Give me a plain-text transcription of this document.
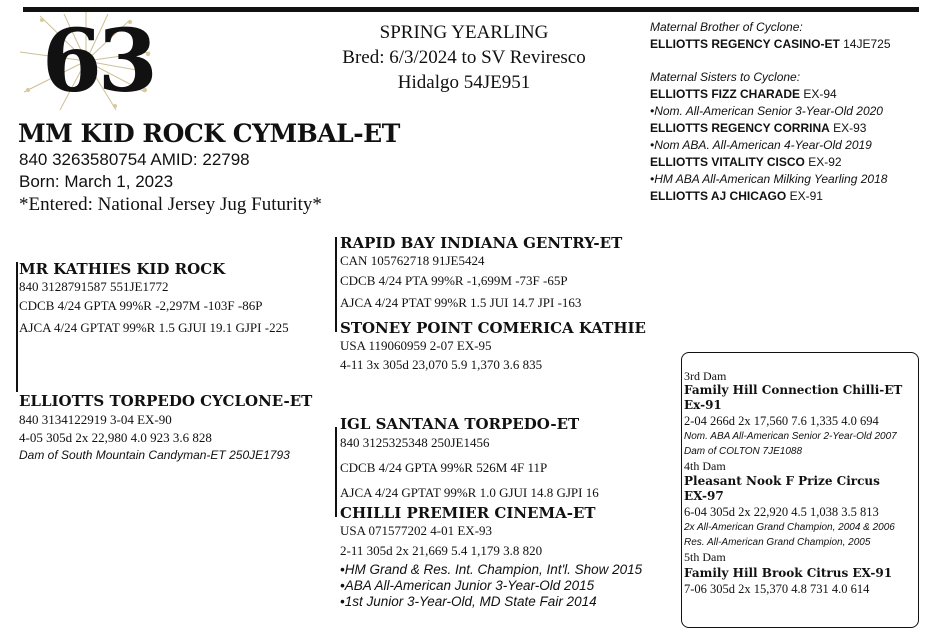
63	SPRING YEARLING
Bred: 6/3/2024 to SV Reviresco
Hidalgo 54JE951
MM KID ROCK CYMBAL-ET
840 3263580754 AMID: 22798
Born: March 1, 2023
*Entered: National Jersey Jug Futurity*
Maternal Brother of Cyclone:
ELLIOTTS REGENCY CASINO-ET 14JE725
Maternal Sisters to Cyclone:
ELLIOTTS FIZZ CHARADE EX-94
•Nom. All-American Senior 3-Year-Old 2020
ELLIOTTS REGENCY CORRINA EX-93
•Nom ABA. All-American 4-Year-Old 2019
ELLIOTTS VITALITY CISCO EX-92
•HM ABA All-American Milking Yearling 2018
ELLIOTTS AJ CHICAGO EX-91
MR KATHIES KID ROCK
840 3128791587 551JE1772
CDCB 4/24 GPTA 99%R -2,297M -103F -86P
AJCA 4/24 GPTAT 99%R 1.5 GJUI 19.1 GJPI -225
RAPID BAY INDIANA GENTRY-ET
CAN 105762718 91JE5424
CDCB 4/24 PTA 99%R -1,699M -73F -65P
AJCA 4/24 PTAT 99%R 1.5 JUI 14.7 JPI -163
STONEY POINT COMERICA KATHIE
USA 119060959 2-07 EX-95
4-11 3x 305d 23,070 5.9 1,370 3.6 835
ELLIOTTS TORPEDO CYCLONE-ET
840 3134122919 3-04 EX-90
4-05 305d 2x 22,980 4.0 923 3.6 828
Dam of South Mountain Candyman-ET 250JE1793
IGL SANTANA TORPEDO-ET
840 3125325348 250JE1456
CDCB 4/24 GPTA 99%R 526M 4F 11P
AJCA 4/24 GPTAT 99%R 1.0 GJUI 14.8 GJPI 16
CHILLI PREMIER CINEMA-ET
USA 071577202 4-01 EX-93
2-11 305d 2x 21,669 5.4 1,179 3.8 820
•HM Grand & Res. Int. Champion, Int'l. Show 2015
•ABA All-American Junior 3-Year-Old 2015
•1st Junior 3-Year-Old, MD State Fair 2014
3rd Dam
Family Hill Connection Chilli-ET
Ex-91
2-04 266d 2x 17,560 7.6 1,335 4.0 694
Nom. ABA All-American Senior 2-Year-Old 2007
Dam of COLTON 7JE1088
4th Dam
Pleasant Nook F Prize Circus
EX-97
6-04 305d 2x 22,920 4.5 1,038 3.5 813
2x All-American Grand Champion, 2004 & 2006
Res. All-American Grand Champion, 2005
5th Dam
Family Hill Brook Citrus EX-91
7-06 305d 2x 15,370 4.8 731 4.0 614
